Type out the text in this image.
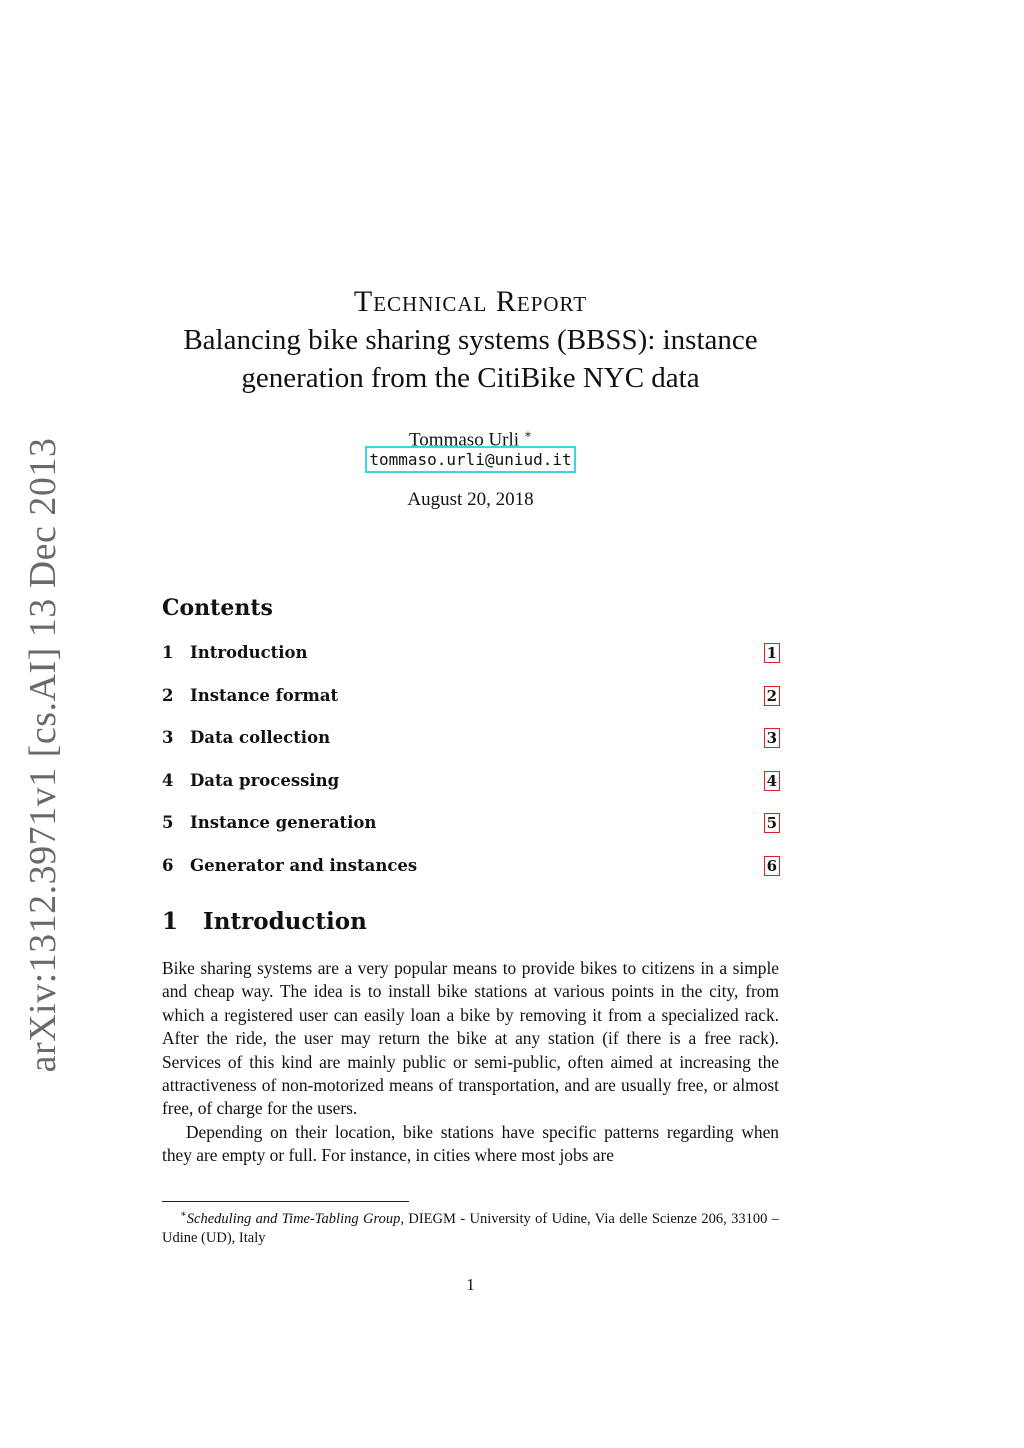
arXiv:1312.3971v1 [cs.AI] 13 Dec 2013
Technical Report
Balancing bike sharing systems (BBSS): instance
generation from the CitiBike NYC data
Tommaso Urli ∗
tommaso.urli@uniud.it
August 20, 2018
Contents
1 Introduction	1
2 Instance format	2
3 Data collection	3
4 Data processing	4
5 Instance generation	5
6 Generator and instances	6
1 Introduction

Bike sharing systems are a very popular means to provide bikes to citizens in a simple and cheap way. The idea is to install bike stations at various points in the city, from which a registered user can easily loan a bike by removing it from a specialized rack. After the ride, the user may return the bike at any station (if there is a free rack). Services of this kind are mainly public or semi-public, often aimed at increasing the attractiveness of non-motorized means of transportation, and are usually free, or almost free, of charge for the users.

Depending on their location, bike stations have specific patterns regarding when they are empty or full. For instance, in cities where most jobs are

∗Scheduling and Time-Tabling Group, DIEGM - University of Udine, Via delle Scienze 206, 33100 – Udine (UD), Italy
1
